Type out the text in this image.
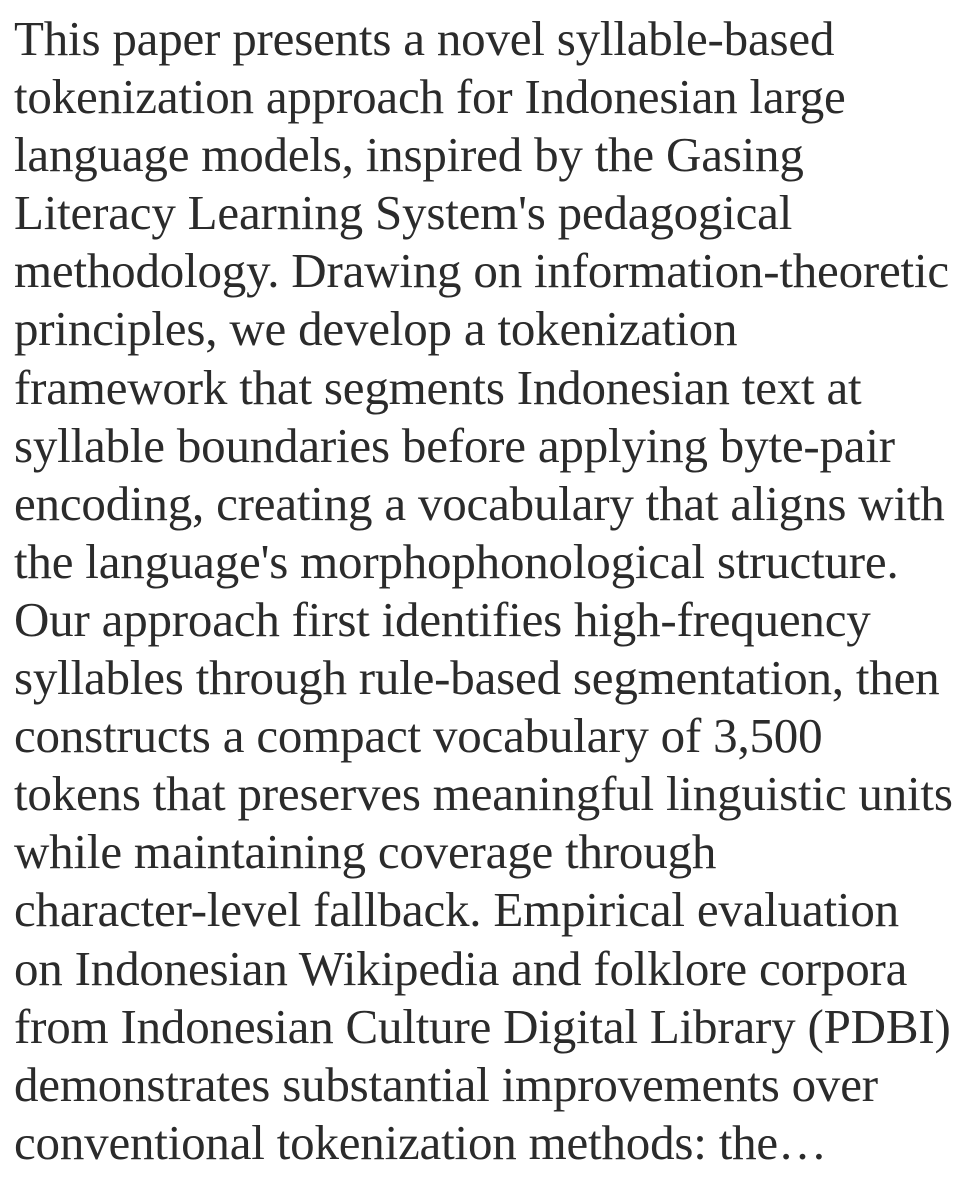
This paper presents a novel syllable-based
tokenization approach for Indonesian large
language models, inspired by the Gasing
Literacy Learning System's pedagogical
methodology. Drawing on information-theoretic
principles, we develop a tokenization
framework that segments Indonesian text at
syllable boundaries before applying byte-pair
encoding, creating a vocabulary that aligns with
the language's morphophonological structure.
Our approach first identifies high-frequency
syllables through rule-based segmentation, then
constructs a compact vocabulary of 3,500
tokens that preserves meaningful linguistic units
while maintaining coverage through
character-level fallback. Empirical evaluation
on Indonesian Wikipedia and folklore corpora
from Indonesian Culture Digital Library (PDBI)
demonstrates substantial improvements over
conventional tokenization methods: the…
